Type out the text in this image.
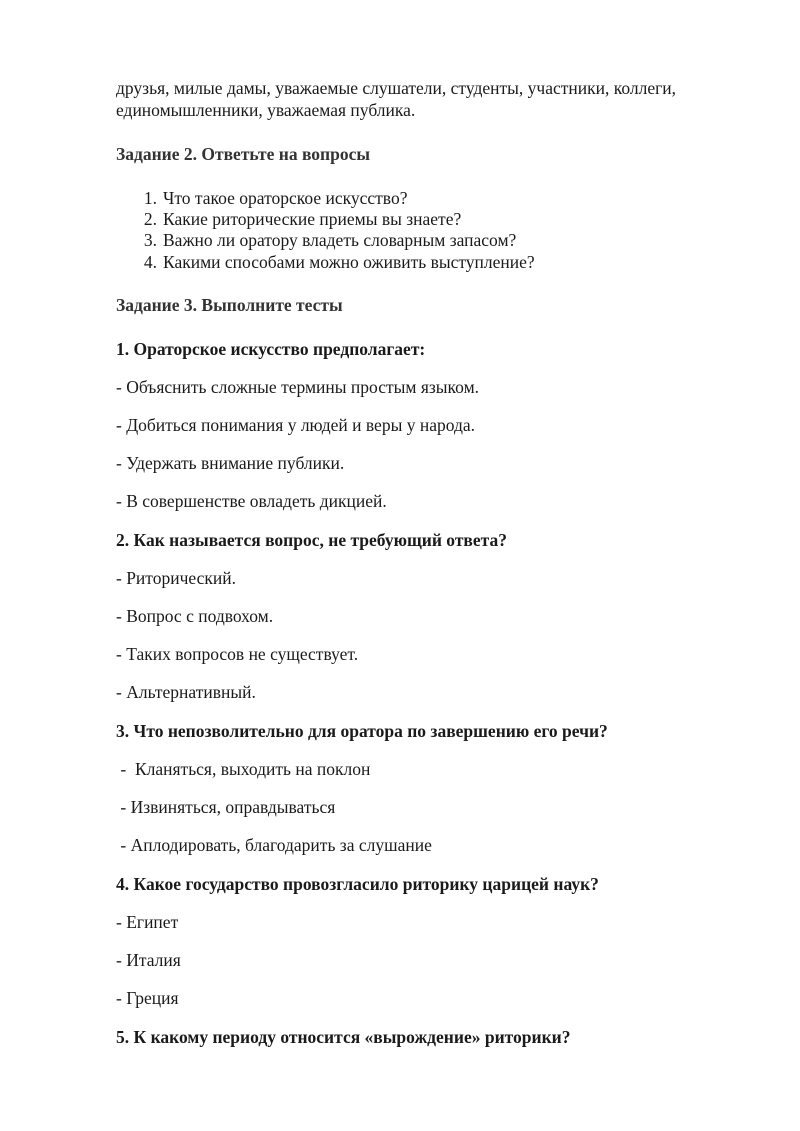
друзья, милые дамы, уважаемые слушатели, студенты, участники, коллеги,
единомышленники, уважаемая публика.
Задание 2. Ответьте на вопросы
1. Что такое ораторское искусство?
2. Какие риторические приемы вы знаете?
3. Важно ли оратору владеть словарным запасом?
4. Какими способами можно оживить выступление?
Задание 3. Выполните тесты
1. Ораторское искусство предполагает:
- Объяснить сложные термины простым языком.
- Добиться понимания у людей и веры у народа.
- Удержать внимание публики.
- В совершенстве овладеть дикцией.
2. Как называется вопрос, не требующий ответа?
- Риторический.
- Вопрос с подвохом.
- Таких вопросов не существует.
- Альтернативный.
3. Что непозволительно для оратора по завершению его речи?
-  Кланяться, выходить на поклон
- Извиняться, оправдываться
- Аплодировать, благодарить за слушание
4. Какое государство провозгласило риторику царицей наук?
- Египет
- Италия
- Греция
5. К какому периоду относится «вырождение» риторики?
